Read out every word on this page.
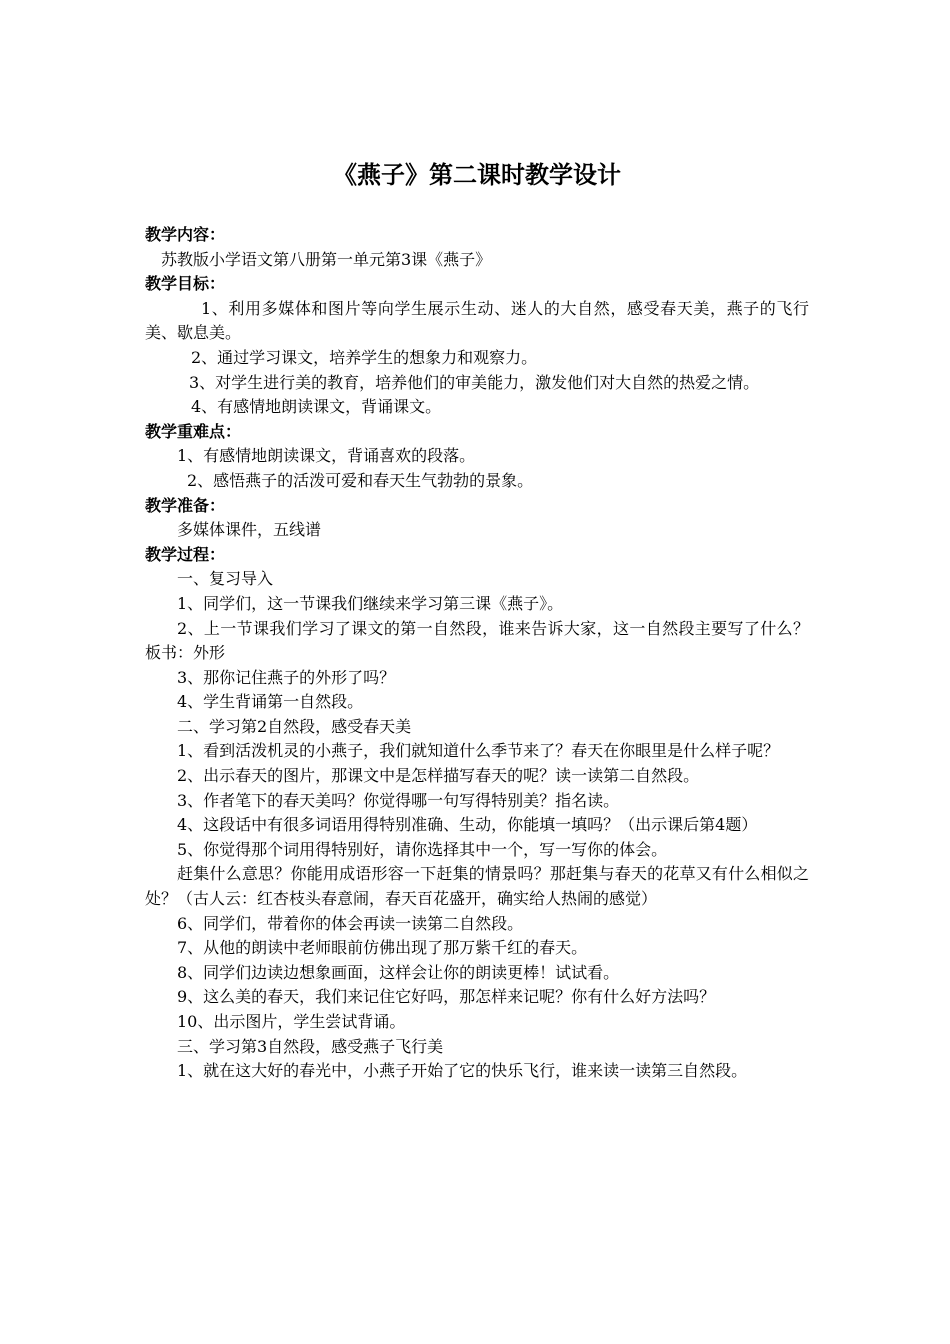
《燕子》第二课时教学设计

教学内容：

苏教版小学语文第八册第一单元第3课《燕子》

教学目标：

1、利用多媒体和图片等向学生展示生动、迷人的大自然，感受春天美，燕子的飞行美、歇息美。

2、通过学习课文，培养学生的想象力和观察力。

3、对学生进行美的教育，培养他们的审美能力，激发他们对大自然的热爱之情。

4、有感情地朗读课文，背诵课文。

教学重难点：

1、有感情地朗读课文，背诵喜欢的段落。

2、感悟燕子的活泼可爱和春天生气勃勃的景象。

教学准备：

多媒体课件，五线谱

教学过程：

一、复习导入

1、同学们，这一节课我们继续来学习第三课《燕子》。

2、上一节课我们学习了课文的第一自然段，谁来告诉大家，这一自然段主要写了什么？板书：外形

3、那你记住燕子的外形了吗？

4、学生背诵第一自然段。

二、学习第2自然段，感受春天美

1、看到活泼机灵的小燕子，我们就知道什么季节来了？春天在你眼里是什么样子呢？

2、出示春天的图片，那课文中是怎样描写春天的呢？读一读第二自然段。

3、作者笔下的春天美吗？你觉得哪一句写得特别美？指名读。

4、这段话中有很多词语用得特别准确、生动，你能填一填吗？（出示课后第4题）

5、你觉得那个词用得特别好，请你选择其中一个，写一写你的体会。

赶集什么意思？你能用成语形容一下赶集的情景吗？那赶集与春天的花草又有什么相似之处？（古人云：红杏枝头春意闹，春天百花盛开，确实给人热闹的感觉）

6、同学们，带着你的体会再读一读第二自然段。

7、从他的朗读中老师眼前仿佛出现了那万紫千红的春天。

8、同学们边读边想象画面，这样会让你的朗读更棒！试试看。

9、这么美的春天，我们来记住它好吗，那怎样来记呢？你有什么好方法吗？

10、出示图片，学生尝试背诵。

三、学习第3自然段，感受燕子飞行美

1、就在这大好的春光中，小燕子开始了它的快乐飞行，谁来读一读第三自然段。
